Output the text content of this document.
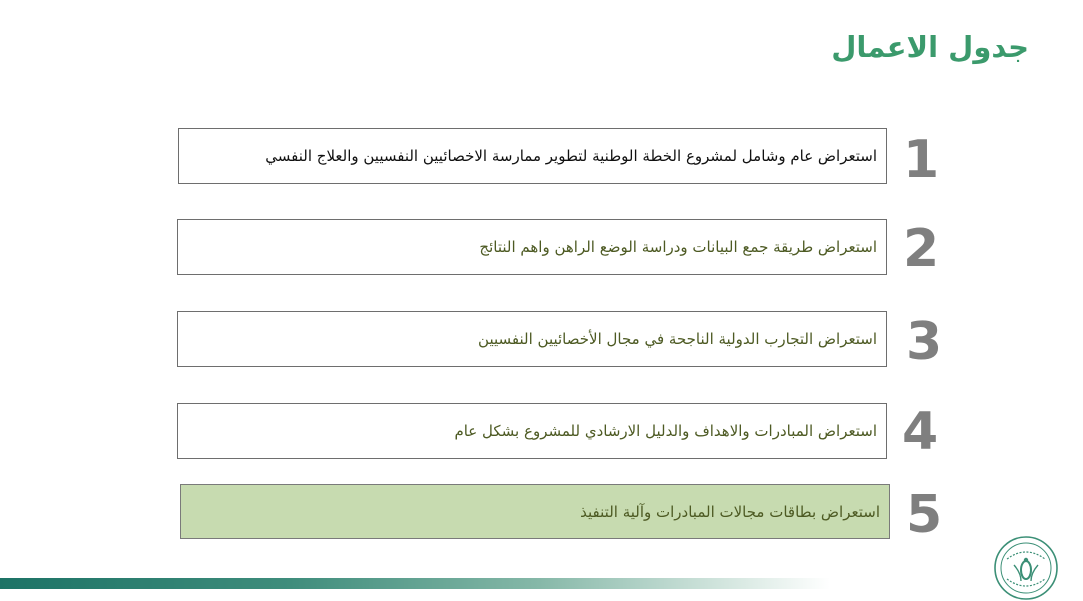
جدول الاعمال
استعراض عام وشامل لمشروع الخطة الوطنية لتطوير ممارسة الاخصائيين النفسيين والعلاج النفسي 1
استعراض طريقة جمع البيانات ودراسة الوضع الراهن واهم النتائج 2
استعراض التجارب الدولية الناجحة في مجال الأخصائيين النفسيين 3
استعراض المبادرات والاهداف والدليل الارشادي للمشروع بشكل عام 4
استعراض بطاقات مجالات المبادرات وآلية التنفيذ 5
